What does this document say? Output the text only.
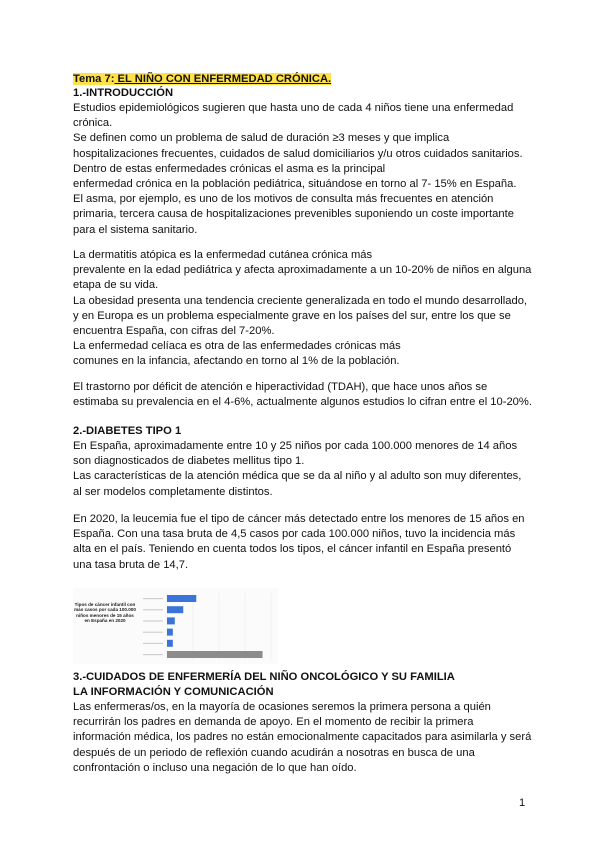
Tema 7: EL NIÑO CON ENFERMEDAD CRÓNICA.
1.-INTRODUCCIÓN

Estudios epidemiológicos sugieren que hasta uno de cada 4 niños tiene una enfermedad

crónica.

Se definen como un problema de salud de duración ≥3 meses y que implica

hospitalizaciones frecuentes, cuidados de salud domiciliarios y/u otros cuidados sanitarios.

Dentro de estas enfermedades crónicas el asma es la principal

enfermedad crónica en la población pediátrica, situándose en torno al 7- 15% en España.

El asma, por ejemplo, es uno de los motivos de consulta más frecuentes en atención

primaria, tercera causa de hospitalizaciones prevenibles suponiendo un coste importante

para el sistema sanitario.

La dermatitis atópica es la enfermedad cutánea crónica más

prevalente en la edad pediátrica y afecta aproximadamente a un 10-20% de niños en alguna

etapa de su vida.

La obesidad presenta una tendencia creciente generalizada en todo el mundo desarrollado,

y en Europa es un problema especialmente grave en los países del sur, entre los que se

encuentra España, con cifras del 7-20%.

La enfermedad celíaca es otra de las enfermedades crónicas más

comunes en la infancia, afectando en torno al 1% de la población.

El trastorno por déficit de atención e hiperactividad (TDAH), que hace unos años se

estimaba su prevalencia en el 4-6%, actualmente algunos estudios lo cifran entre el 10-20%.

2.-DIABETES TIPO 1

En España, aproximadamente entre 10 y 25 niños por cada 100.000 menores de 14 años

son diagnosticados de diabetes mellitus tipo 1.

Las características de la atención médica que se da al niño y al adulto son muy diferentes,

al ser modelos completamente distintos.

En 2020, la leucemia fue el tipo de cáncer más detectado entre los menores de 15 años en

España. Con una tasa bruta de 4,5 casos por cada 100.000 niños, tuvo la incidencia más

alta en el país. Teniendo en cuenta todos los tipos, el cáncer infantil en España presentó

una tasa bruta de 14,7.

Tipos de cáncer infantil con más casos por cada 100.000 niños menores de 15 años en España en 2020
3.-CUIDADOS DE ENFERMERÍA DEL NIÑO ONCOLÓGICO Y SU FAMILIA
LA INFORMACIÓN Y COMUNICACIÓN

Las enfermeras/os, en la mayoría de ocasiones seremos la primera persona a quién

recurrirán los padres en demanda de apoyo. En el momento de recibir la primera

información médica, los padres no están emocionalmente capacitados para asimilarla y será

después de un periodo de reflexión cuando acudirán a nosotras en busca de una

confrontación o incluso una negación de lo que han oído.

1
